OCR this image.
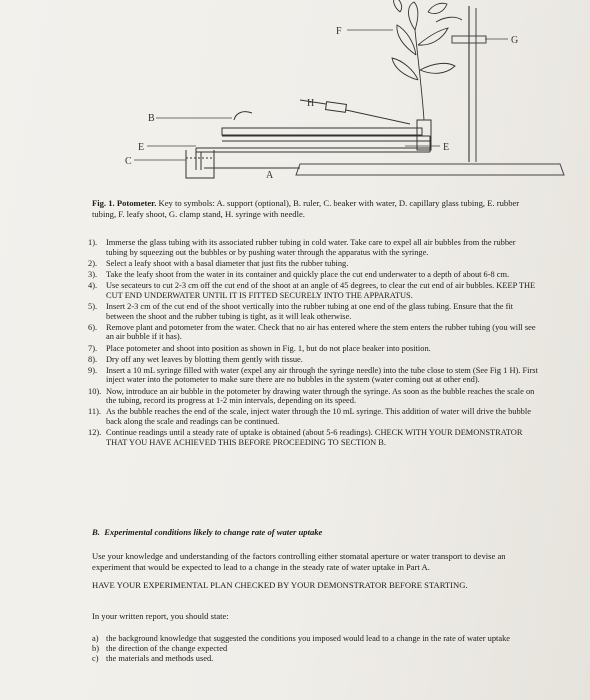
B
E
C
F
G
H
E
A
Fig. 1. Potometer. Key to symbols: A. support (optional), B. ruler, C. beaker with water, D. capillary glass tubing, E. rubber tubing, F. leafy shoot, G. clamp stand, H. syringe with needle.
1). Immerse the glass tubing with its associated rubber tubing in cold water. Take care to expel all air bubbles from the rubber tubing by squeezing out the bubbles or by pushing water through the apparatus with the syringe.
2). Select a leafy shoot with a basal diameter that just fits the rubber tubing.
3). Take the leafy shoot from the water in its container and quickly place the cut end underwater to a depth of about 6-8 cm.
4). Use secateurs to cut 2-3 cm off the cut end of the shoot at an angle of 45 degrees, to clear the cut end of air bubbles. KEEP THE CUT END UNDERWATER UNTIL IT IS FITTED SECURELY INTO THE APPARATUS.
5). Insert 2-3 cm of the cut end of the shoot vertically into the rubber tubing at one end of the glass tubing. Ensure that the fit between the shoot and the rubber tubing is tight, as it will leak otherwise.
6). Remove plant and potometer from the water. Check that no air has entered where the stem enters the rubber tubing (you will see an air bubble if it has).
7). Place potometer and shoot into position as shown in Fig. 1, but do not place beaker into position.
8). Dry off any wet leaves by blotting them gently with tissue.
9). Insert a 10 mL syringe filled with water (expel any air through the syringe needle) into the tube close to stem (See Fig 1 H). First inject water into the potometer to make sure there are no bubbles in the system (water coming out at other end).
10). Now, introduce an air bubble in the potometer by drawing water through the syringe. As soon as the bubble reaches the scale on the tubing, record its progress at 1-2 min intervals, depending on its speed.
11). As the bubble reaches the end of the scale, inject water through the 10 mL syringe. This addition of water will drive the bubble back along the scale and readings can be continued.
12). Continue readings until a steady rate of uptake is obtained (about 5-6 readings). CHECK WITH YOUR DEMONSTRATOR THAT YOU HAVE ACHIEVED THIS BEFORE PROCEEDING TO SECTION B.
B. Experimental conditions likely to change rate of water uptake
Use your knowledge and understanding of the factors controlling either stomatal aperture or water transport to devise an experiment that would be expected to lead to a change in the steady rate of water uptake in Part A.
HAVE YOUR EXPERIMENTAL PLAN CHECKED BY YOUR DEMONSTRATOR BEFORE STARTING.
In your written report, you should state:
a) the background knowledge that suggested the conditions you imposed would lead to a change in the rate of water uptake
b) the direction of the change expected
c) the materials and methods used.
